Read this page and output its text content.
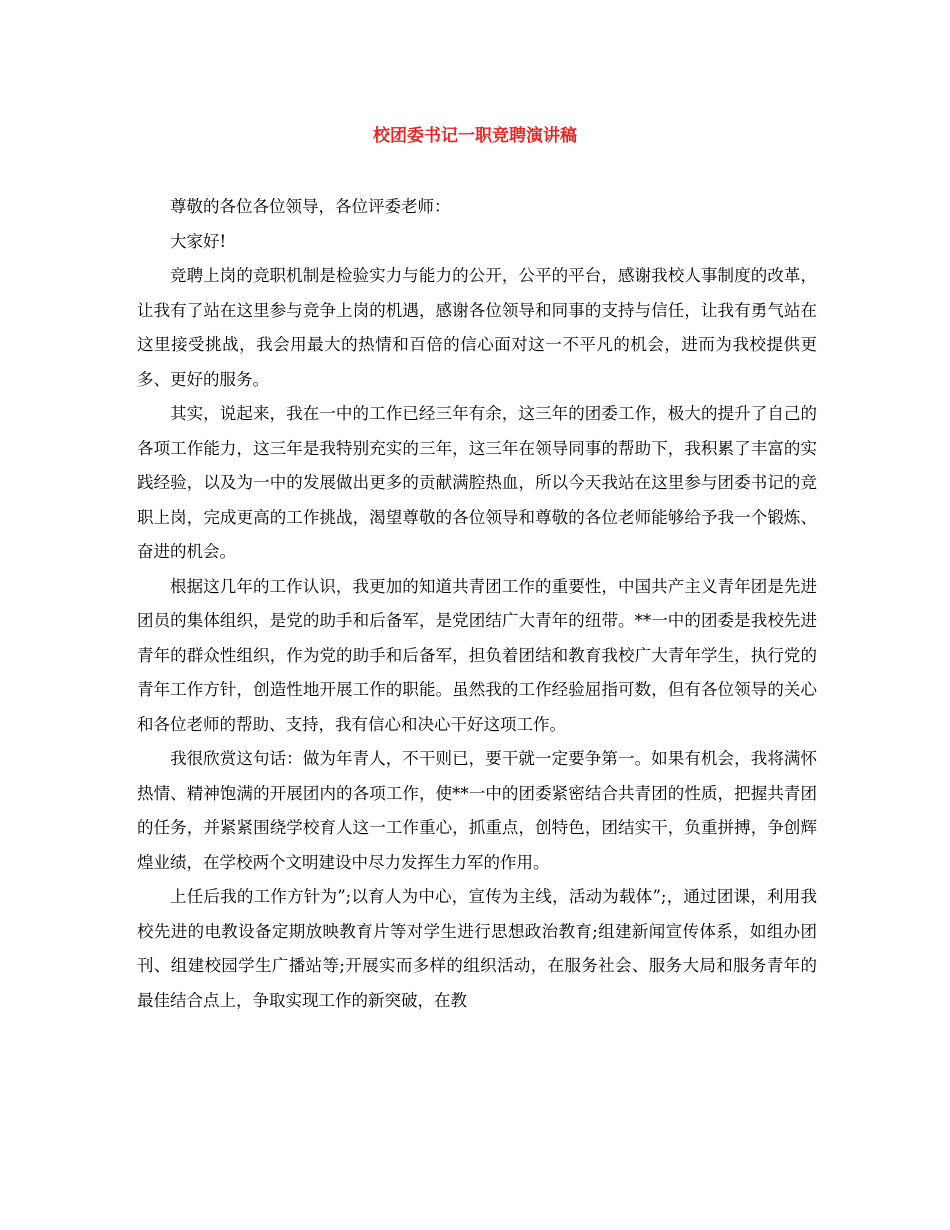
校团委书记一职竞聘演讲稿

尊敬的各位各位领导，各位评委老师：

大家好!

竞聘上岗的竞职机制是检验实力与能力的公开，公平的平台，感谢我校人事制度的改革，让我有了站在这里参与竞争上岗的机遇，感谢各位领导和同事的支持与信任，让我有勇气站在这里接受挑战，我会用最大的热情和百倍的信心面对这一不平凡的机会，进而为我校提供更多、更好的服务。

其实，说起来，我在一中的工作已经三年有余，这三年的团委工作，极大的提升了自己的各项工作能力，这三年是我特别充实的三年，这三年在领导同事的帮助下，我积累了丰富的实践经验，以及为一中的发展做出更多的贡献满腔热血，所以今天我站在这里参与团委书记的竞职上岗，完成更高的工作挑战，渴望尊敬的各位领导和尊敬的各位老师能够给予我一个锻炼、奋进的机会。

根据这几年的工作认识，我更加的知道共青团工作的重要性，中国共产主义青年团是先进团员的集体组织，是党的助手和后备军，是党团结广大青年的纽带。**一中的团委是我校先进青年的群众性组织，作为党的助手和后备军，担负着团结和教育我校广大青年学生，执行党的青年工作方针，创造性地开展工作的职能。虽然我的工作经验屈指可数，但有各位领导的关心和各位老师的帮助、支持，我有信心和决心干好这项工作。

我很欣赏这句话：做为年青人，不干则已，要干就一定要争第一。如果有机会，我将满怀热情、精神饱满的开展团内的各项工作，使**一中的团委紧密结合共青团的性质，把握共青团的任务，并紧紧围绕学校育人这一工作重心，抓重点，创特色，团结实干，负重拼搏，争创辉煌业绩，在学校两个文明建设中尽力发挥生力军的作用。

上任后我的工作方针为”;以育人为中心，宣传为主线，活动为载体”;，通过团课，利用我校先进的电教设备定期放映教育片等对学生进行思想政治教育;组建新闻宣传体系，如组办团刊、组建校园学生广播站等;开展实而多样的组织活动，在服务社会、服务大局和服务青年的最佳结合点上，争取实现工作的新突破，在教
